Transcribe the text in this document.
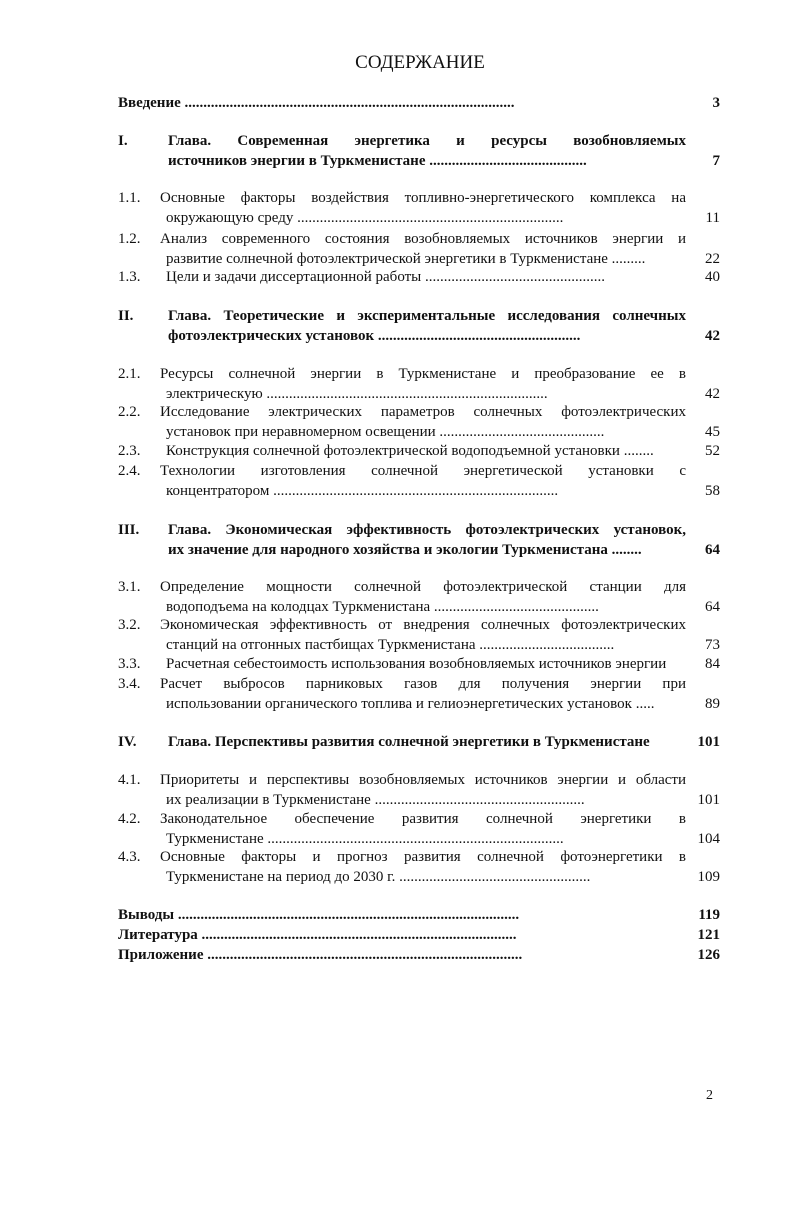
СОДЕРЖАНИЕ
Введение ........................................................................................	3
I.	Глава. Современная энергетика и ресурсы возобновляемых
источников энергии в Туркменистане ..........................................	7
1.1. Основные факторы воздействия топливно-энергетического комплекса на
окружающую среду .......................................................................	11
1.2. Анализ современного состояния возобновляемых источников энергии и
развитие солнечной фотоэлектрической энергетики в Туркменистане .........	22
1.3. Цели и задачи диссертационной работы ................................................	40
II. Глава. Теоретические и экспериментальные исследования солнечных
фотоэлектрических установок ......................................................	42
2.1. Ресурсы солнечной энергии в Туркменистане и преобразование ее в
электрическую ...........................................................................	42
2.2. Исследование электрических параметров солнечных фотоэлектрических
установок при неравномерном освещении ............................................	45
2.3. Конструкция солнечной фотоэлектрической водоподъемной установки ........	52
2.4. Технологии изготовления солнечной энергетической установки с
концентратором ............................................................................	58
III. Глава. Экономическая эффективность фотоэлектрических установок,
их значение для народного хозяйства и экологии Туркменистана ........	64
3.1. Определение мощности солнечной фотоэлектрической станции для
водоподъема на колодцах Туркменистана ............................................	64
3.2. Экономическая эффективность от внедрения солнечных фотоэлектрических
станций на отгонных пастбищах Туркменистана ....................................	73
3.3. Расчетная себестоимость использования возобновляемых источников энергии	84
3.4. Расчет выбросов парниковых газов для получения энергии при
использовании органического топлива и гелиоэнергетических установок .....	89
IV. Глава. Перспективы развития солнечной энергетики в Туркменистане	101
4.1. Приоритеты и перспективы возобновляемых источников энергии и области
их реализации в Туркменистане ........................................................	101
4.2. Законодательное обеспечение развития солнечной энергетики в
Туркменистане ...............................................................................	104
4.3. Основные факторы и прогноз развития солнечной фотоэнергетики в
Туркменистане на период до 2030 г. ...................................................	109
Выводы ...........................................................................................	119
Литература ....................................................................................	121
Приложение ....................................................................................	126
2
